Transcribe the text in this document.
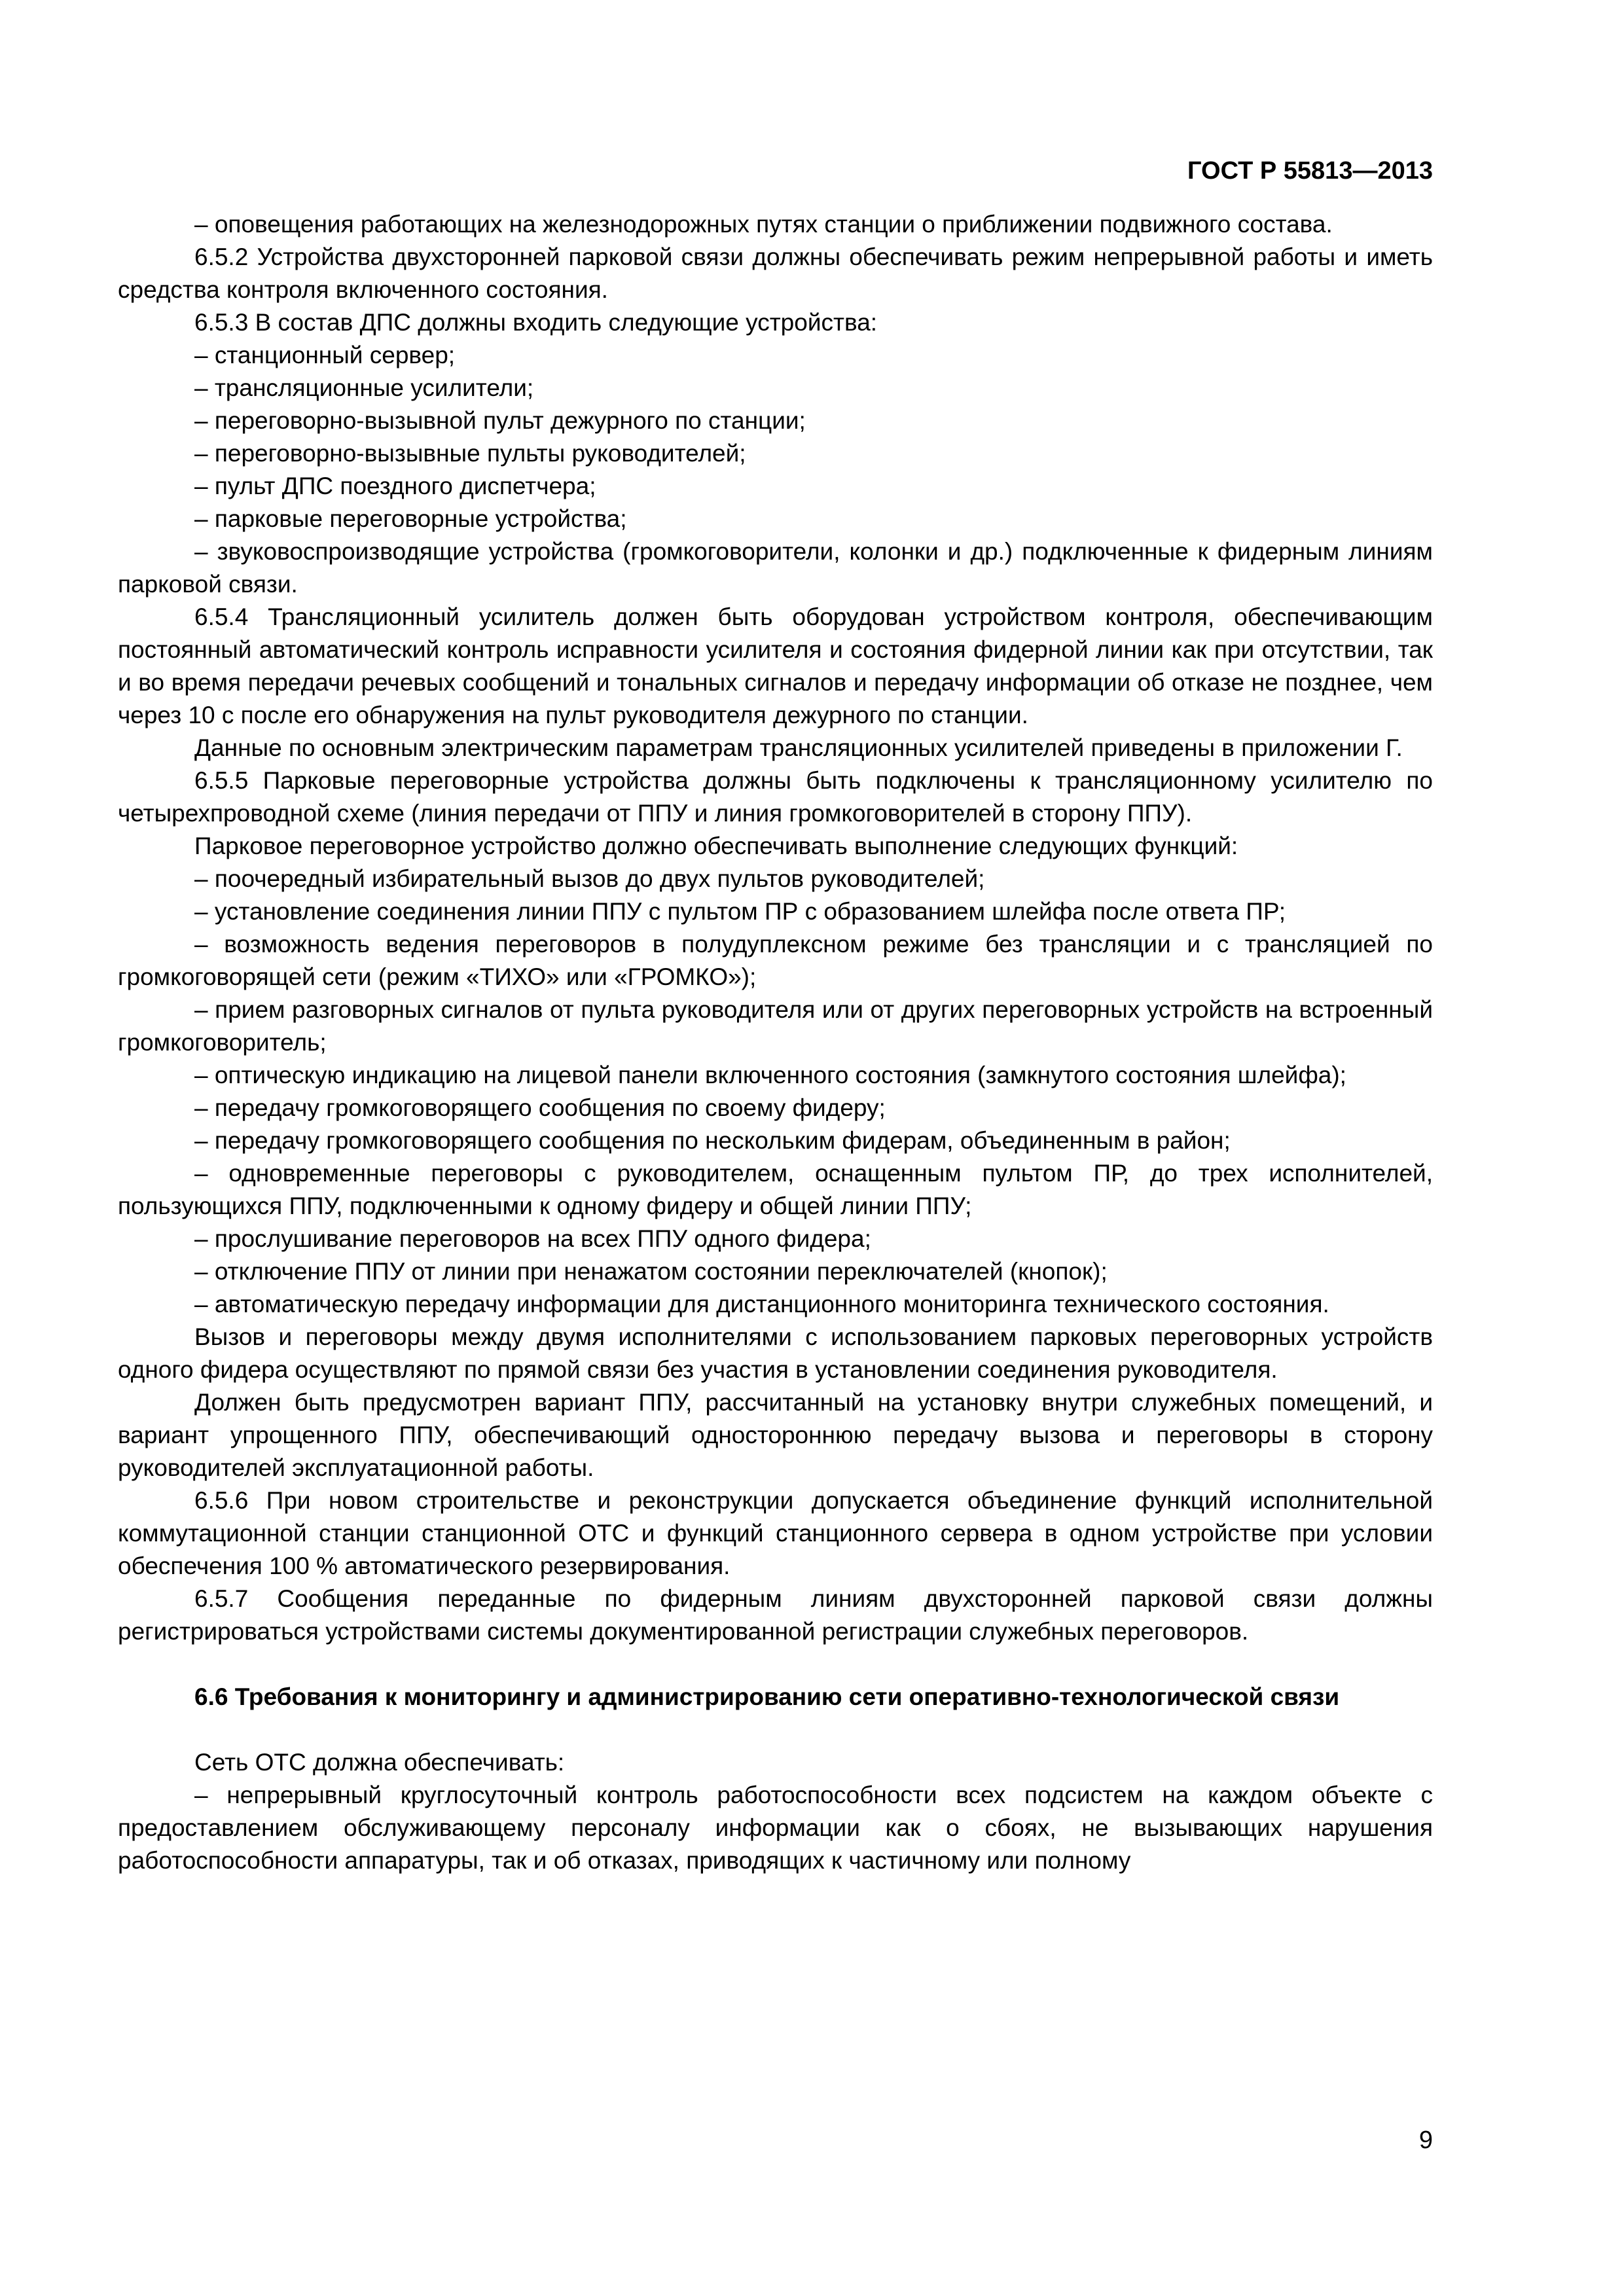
ГОСТ Р 55813—2013

– оповещения работающих на железнодорожных путях станции о приближении подвижного состава.

6.5.2 Устройства двухсторонней парковой связи должны обеспечивать режим непрерывной работы и иметь средства контроля включенного состояния.

6.5.3 В состав ДПС должны входить следующие устройства:

– станционный сервер;

– трансляционные усилители;

– переговорно-вызывной пульт дежурного по станции;

– переговорно-вызывные пульты руководителей;

– пульт ДПС поездного диспетчера;

– парковые переговорные устройства;

– звуковоспроизводящие устройства (громкоговорители, колонки и др.) подключенные к фидерным линиям парковой связи.

6.5.4 Трансляционный усилитель должен быть оборудован устройством контроля, обеспечивающим постоянный автоматический контроль исправности усилителя и состояния фидерной линии как при отсутствии, так и во время передачи речевых сообщений и тональных сигналов и передачу информации об отказе не позднее, чем через 10 с после его обнаружения на пульт руководителя дежурного по станции.

Данные по основным электрическим параметрам трансляционных усилителей приведены в приложении Г.

6.5.5 Парковые переговорные устройства должны быть подключены к трансляционному усилителю по четырехпроводной схеме (линия передачи от ППУ и линия громкоговорителей в сторону ППУ).

Парковое переговорное устройство должно обеспечивать выполнение следующих функций:

– поочередный избирательный вызов до двух пультов руководителей;

– установление соединения линии ППУ с пультом ПР с образованием шлейфа после ответа ПР;

– возможность ведения переговоров в полудуплексном режиме без трансляции и с трансляцией по громкоговорящей сети (режим «ТИХО» или «ГРОМКО»);

– прием разговорных сигналов от пульта руководителя или от других переговорных устройств на встроенный громкоговоритель;

– оптическую индикацию на лицевой панели включенного состояния (замкнутого состояния шлейфа);

– передачу громкоговорящего сообщения по своему фидеру;

– передачу громкоговорящего сообщения по нескольким фидерам, объединенным в район;

– одновременные переговоры с руководителем, оснащенным пультом ПР, до трех исполнителей, пользующихся ППУ, подключенными к одному фидеру и общей линии ППУ;

– прослушивание переговоров на всех ППУ одного фидера;

– отключение ППУ от линии при ненажатом состоянии переключателей (кнопок);

– автоматическую передачу информации для дистанционного мониторинга технического состояния.

Вызов и переговоры между двумя исполнителями с использованием парковых переговорных устройств одного фидера осуществляют по прямой связи без участия в установлении соединения руководителя.

Должен быть предусмотрен вариант ППУ, рассчитанный на установку внутри служебных помещений, и вариант упрощенного ППУ, обеспечивающий одностороннюю передачу вызова и переговоры в сторону руководителей эксплуатационной работы.

6.5.6 При новом строительстве и реконструкции допускается объединение функций исполнительной коммутационной станции станционной ОТС и функций станционного сервера в одном устройстве при условии обеспечения 100 % автоматического резервирования.

6.5.7 Сообщения переданные по фидерным линиям двухсторонней парковой связи должны регистрироваться устройствами системы документированной регистрации служебных переговоров.

6.6 Требования к мониторингу и администрированию сети оперативно-технологической связи

Сеть ОТС должна обеспечивать:

– непрерывный круглосуточный контроль работоспособности всех подсистем на каждом объекте с предоставлением обслуживающему персоналу информации как о сбоях, не вызывающих нарушения работоспособности аппаратуры, так и об отказах, приводящих к частичному или полному

9
